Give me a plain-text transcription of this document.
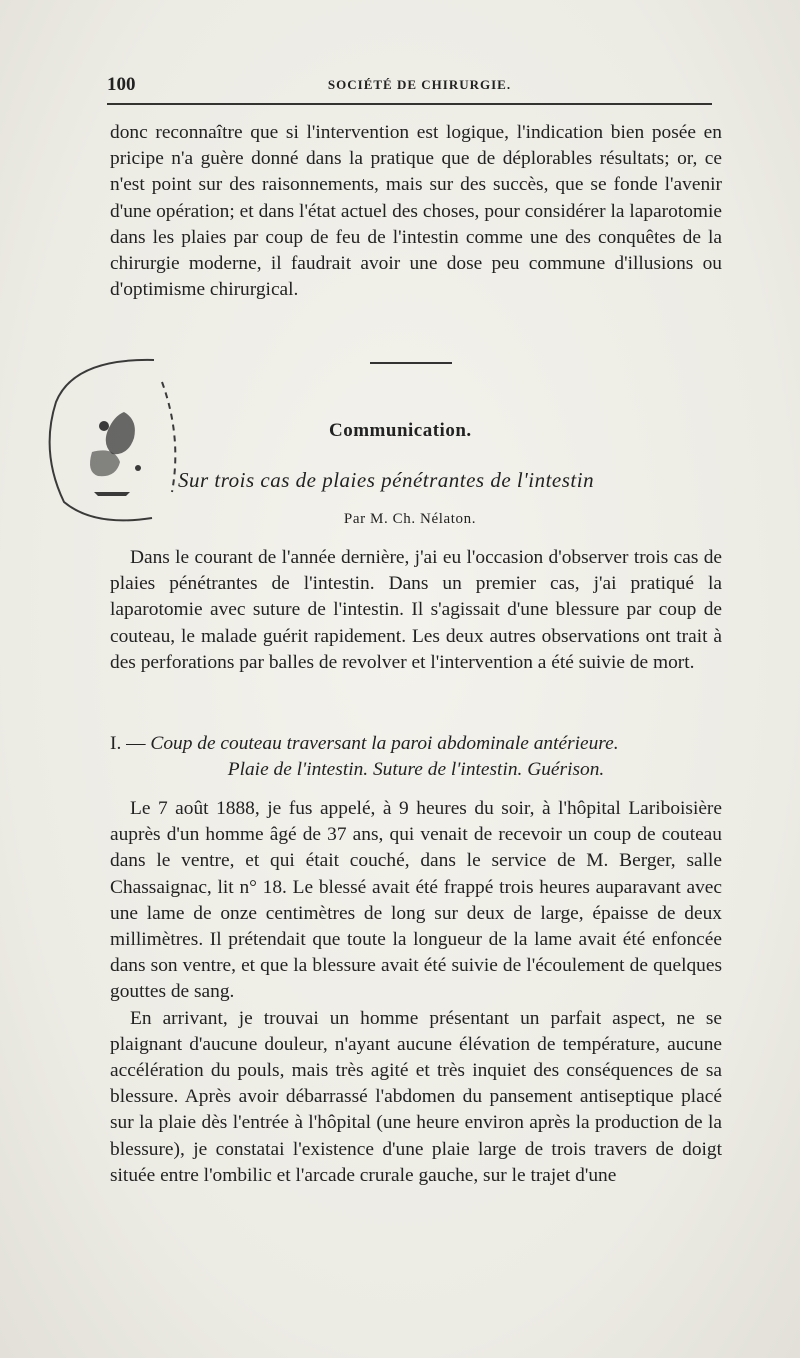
100	SOCIÉTÉ DE CHIRURGIE.

donc reconnaître que si l'intervention est logique, l'indication bien posée en pricipe n'a guère donné dans la pratique que de déplorables résultats; or, ce n'est point sur des raisonnements, mais sur des succès, que se fonde l'avenir d'une opération; et dans l'état actuel des choses, pour considérer la laparotomie dans les plaies par coup de feu de l'intestin comme une des conquêtes de la chirurgie moderne, il faudrait avoir une dose peu commune d'illusions ou d'optimisme chirurgical.

Communication.
Sur trois cas de plaies pénétrantes de l'intestin
Par M. Ch. Nélaton.

Dans le courant de l'année dernière, j'ai eu l'occasion d'observer trois cas de plaies pénétrantes de l'intestin. Dans un premier cas, j'ai pratiqué la laparotomie avec suture de l'intestin. Il s'agissait d'une blessure par coup de couteau, le malade guérit rapidement. Les deux autres observations ont trait à des perforations par balles de revolver et l'intervention a été suivie de mort.

I. — Coup de couteau traversant la paroi abdominale antérieure.
Plaie de l'intestin. Suture de l'intestin. Guérison.

Le 7 août 1888, je fus appelé, à 9 heures du soir, à l'hôpital Lariboisière auprès d'un homme âgé de 37 ans, qui venait de recevoir un coup de couteau dans le ventre, et qui était couché, dans le service de M. Berger, salle Chassaignac, lit n° 18. Le blessé avait été frappé trois heures auparavant avec une lame de onze centimètres de long sur deux de large, épaisse de deux millimètres. Il prétendait que toute la longueur de la lame avait été enfoncée dans son ventre, et que la blessure avait été suivie de l'écoulement de quelques gouttes de sang.

En arrivant, je trouvai un homme présentant un parfait aspect, ne se plaignant d'aucune douleur, n'ayant aucune élévation de température, aucune accélération du pouls, mais très agité et très inquiet des conséquences de sa blessure. Après avoir débarrassé l'abdomen du pansement antiseptique placé sur la plaie dès l'entrée à l'hôpital (une heure environ après la production de la blessure), je constatai l'existence d'une plaie large de trois travers de doigt située entre l'ombilic et l'arcade crurale gauche, sur le trajet d'une
